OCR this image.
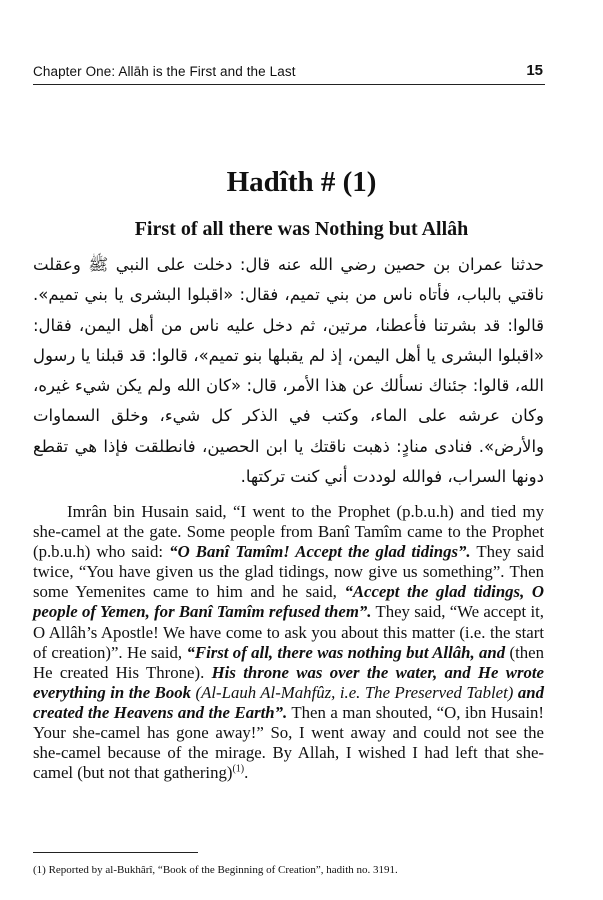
Chapter One: Allāh is the First and the Last	15
Hadîth # (1)
First of all there was Nothing but Allâh
حدثنا عمران بن حصين رضي الله عنه قال: دخلت على النبي ﷺ وعقلت ناقتي بالباب، فأتاه ناس من بني تميم، فقال: «اقبلوا البشرى يا بني تميم». قالوا: قد بشرتنا فأعطنا، مرتين، ثم دخل عليه ناس من أهل اليمن، فقال: «اقبلوا البشرى يا أهل اليمن، إذ لم يقبلها بنو تميم»، قالوا: قد قبلنا يا رسول الله، قالوا: جئناك نسألك عن هذا الأمر، قال: «كان الله ولم يكن شيء غيره، وكان عرشه على الماء، وكتب في الذكر كل شيء، وخلق السماوات والأرض». فنادى منادٍ: ذهبت ناقتك يا ابن الحصين، فانطلقت فإذا هي تقطع دونها السراب، فوالله لوددت أني كنت تركتها.

Imrân bin Husain said, “I went to the Prophet (p.b.u.h) and tied my she-camel at the gate. Some people from Banî Tamîm came to the Prophet (p.b.u.h) who said: “O Banî Tamîm! Accept the glad tidings”. They said twice, “You have given us the glad tidings, now give us something”. Then some Yemenites came to him and he said, “Accept the glad tidings, O people of Yemen, for Banî Tamîm refused them”. They said, “We accept it, O Allâh’s Apostle! We have come to ask you about this matter (i.e. the start of creation)”. He said, “First of all, there was nothing but Allâh, and (then He created His Throne). His throne was over the water, and He wrote everything in the Book (Al-Lauh Al-Mahfûz, i.e. The Preserved Tablet) and created the Heavens and the Earth”. Then a man shouted, “O, ibn Husain! Your she-camel has gone away!” So, I went away and could not see the she-camel because of the mirage. By Allah, I wished I had left that she-camel (but not that gathering)$^{(1)}$.

(1) Reported by al-Bukhârî, “Book of the Beginning of Creation”, hadith no. 3191.
